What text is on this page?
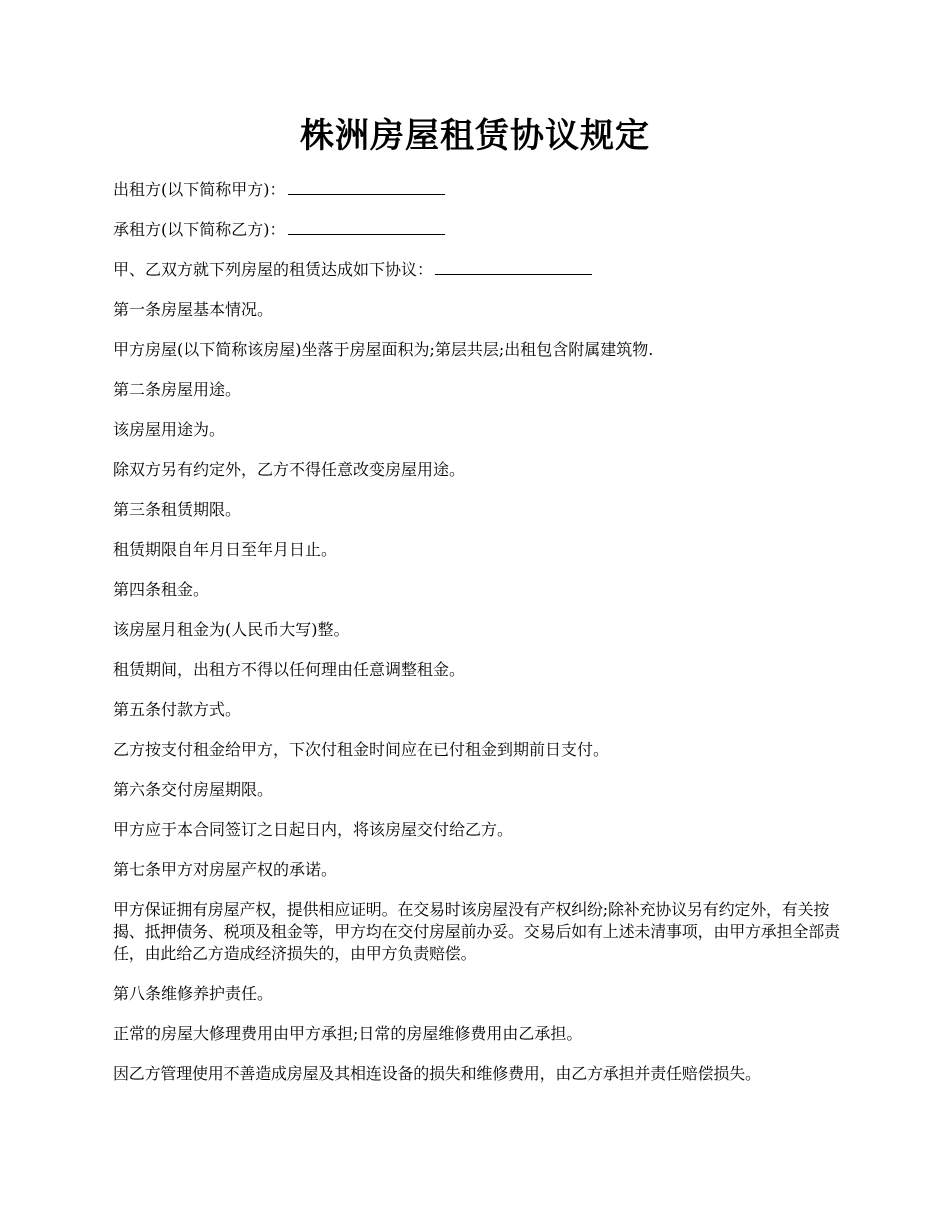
株洲房屋租赁协议规定

出租方(以下简称甲方)：

承租方(以下简称乙方)：

甲、乙双方就下列房屋的租赁达成如下协议：

第一条房屋基本情况。

甲方房屋(以下简称该房屋)坐落于房屋面积为;第层共层;出租包含附属建筑物.

第二条房屋用途。

该房屋用途为。

除双方另有约定外，乙方不得任意改变房屋用途。

第三条租赁期限。

租赁期限自年月日至年月日止。

第四条租金。

该房屋月租金为(人民币大写)整。

租赁期间，出租方不得以任何理由任意调整租金。

第五条付款方式。

乙方按支付租金给甲方，下次付租金时间应在已付租金到期前日支付。

第六条交付房屋期限。

甲方应于本合同签订之日起日内，将该房屋交付给乙方。

第七条甲方对房屋产权的承诺。

甲方保证拥有房屋产权，提供相应证明。在交易时该房屋没有产权纠纷;除补充协议另有约定外，有关按揭、抵押债务、税项及租金等，甲方均在交付房屋前办妥。交易后如有上述未清事项，由甲方承担全部责任，由此给乙方造成经济损失的，由甲方负责赔偿。

第八条维修养护责任。

正常的房屋大修理费用由甲方承担;日常的房屋维修费用由乙承担。

因乙方管理使用不善造成房屋及其相连设备的损失和维修费用，由乙方承担并责任赔偿损失。
